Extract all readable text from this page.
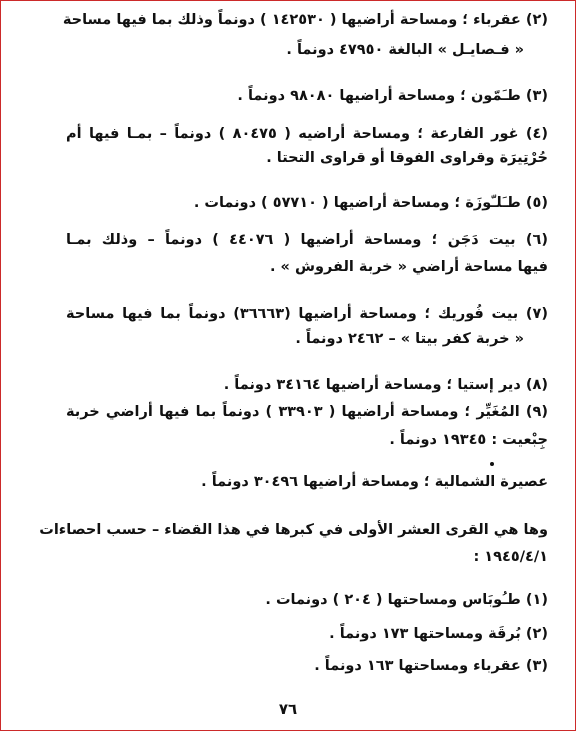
(٢) عقرباء ؛ ومساحة أراضيها ( ١٤٢٥٣٠ ) دونماً وذلك بما فيها مساحة
« فـصايـل » البالغة ٤٧٩٥٠ دونماً .
(٣) طـَمّون ؛ ومساحة أراضيها ٩٨٠٨٠ دونماً .
(٤) غور الفارعة ؛ ومساحة أراضيه ( ٨٠٤٧٥ ) دونماً – بمـا فيها أم
حُرْتِيرَة وقراوى الفوقا أو قراوى التحتا .
(٥) طـَلـّوزَة ؛ ومساحة أراضيها ( ٥٧٧١٠ ) دونمات .
(٦) بيت دَجَن ؛ ومساحة أراضيها ( ٤٤٠٧٦ ) دونماً – وذلك بمـا
فيها مساحة أراضي « خربة الفروش » .
(٧) بيت فُوريك ؛ ومساحة أراضيها (٣٦٦٦٣) دونماً بما فيها مساحة
« خربة كفر بيتا » – ٢٤٦٢ دونماً .
(٨) دير إستيا ؛ ومساحة أراضيها ٣٤١٦٤ دونماً .
(٩) المُغَيِّر ؛ ومساحة أراضيها ( ٣٣٩٠٣ ) دونماً بما فيها أراضي خربة
جِبْعيت : ١٩٣٤٥ دونماً .
عصيرة الشمالية ؛ ومساحة أراضيها ٣٠٤٩٦ دونماً .
وها هي القرى العشر الأولى في كبرها في هذا القضاء – حسب احصاءات
١٩٤٥/٤/١ :
(١) طـُوبَاس ومساحتها ( ٢٠٤ ) دونمات .
(٢) بُرقَة ومساحتها ١٧٣ دونماً .
(٣) عقرباء ومساحتها ١٦٣ دونماً .
٧٦
